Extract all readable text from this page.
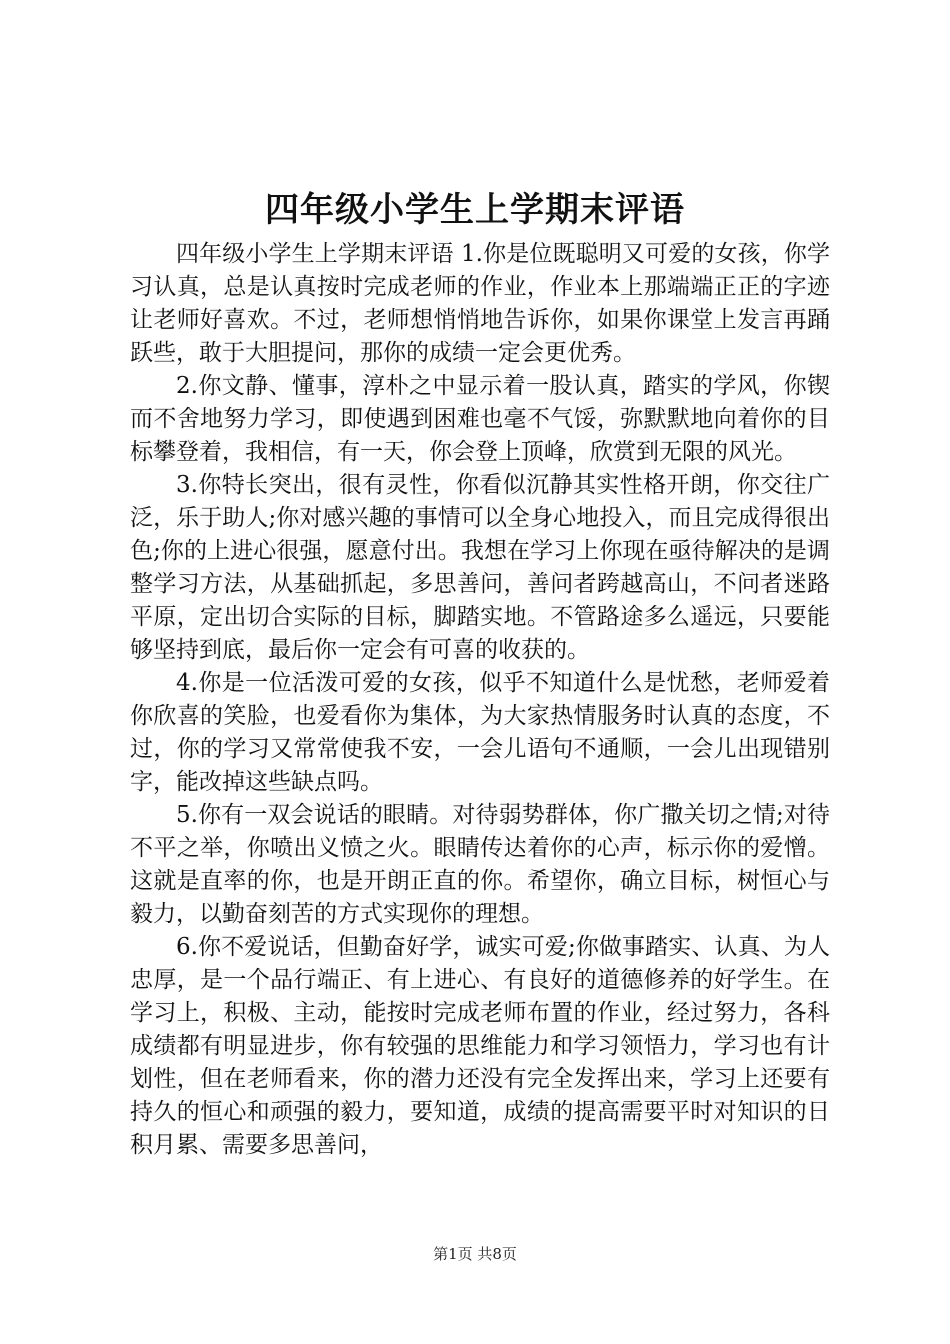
四年级小学生上学期末评语

四年级小学生上学期末评语 1.你是位既聪明又可爱的女孩，你学习认真，总是认真按时完成老师的作业，作业本上那端端正正的字迹让老师好喜欢。不过，老师想悄悄地告诉你，如果你课堂上发言再踊跃些，敢于大胆提问，那你的成绩一定会更优秀。

2.你文静、懂事，淳朴之中显示着一股认真，踏实的学风，你锲而不舍地努力学习，即使遇到困难也毫不气馁，弥默默地向着你的目标攀登着，我相信，有一天，你会登上顶峰，欣赏到无限的风光。

3.你特长突出，很有灵性，你看似沉静其实性格开朗，你交往广泛，乐于助人;你对感兴趣的事情可以全身心地投入，而且完成得很出色;你的上进心很强，愿意付出。我想在学习上你现在亟待解决的是调整学习方法，从基础抓起，多思善问，善问者跨越高山，不问者迷路平原，定出切合实际的目标，脚踏实地。不管路途多么遥远，只要能够坚持到底，最后你一定会有可喜的收获的。

4.你是一位活泼可爱的女孩，似乎不知道什么是忧愁，老师爱着你欣喜的笑脸，也爱看你为集体，为大家热情服务时认真的态度，不过，你的学习又常常使我不安，一会儿语句不通顺，一会儿出现错别字，能改掉这些缺点吗。

5.你有一双会说话的眼睛。对待弱势群体，你广撒关切之情;对待不平之举，你喷出义愤之火。眼睛传达着你的心声，标示你的爱憎。这就是直率的你，也是开朗正直的你。希望你，确立目标，树恒心与毅力，以勤奋刻苦的方式实现你的理想。

6.你不爱说话，但勤奋好学，诚实可爱;你做事踏实、认真、为人忠厚，是一个品行端正、有上进心、有良好的道德修养的好学生。在学习上，积极、主动，能按时完成老师布置的作业，经过努力，各科成绩都有明显进步，你有较强的思维能力和学习领悟力，学习也有计划性，但在老师看来，你的潜力还没有完全发挥出来，学习上还要有持久的恒心和顽强的毅力，要知道，成绩的提高需要平时对知识的日积月累、需要多思善问，

第1页 共8页
